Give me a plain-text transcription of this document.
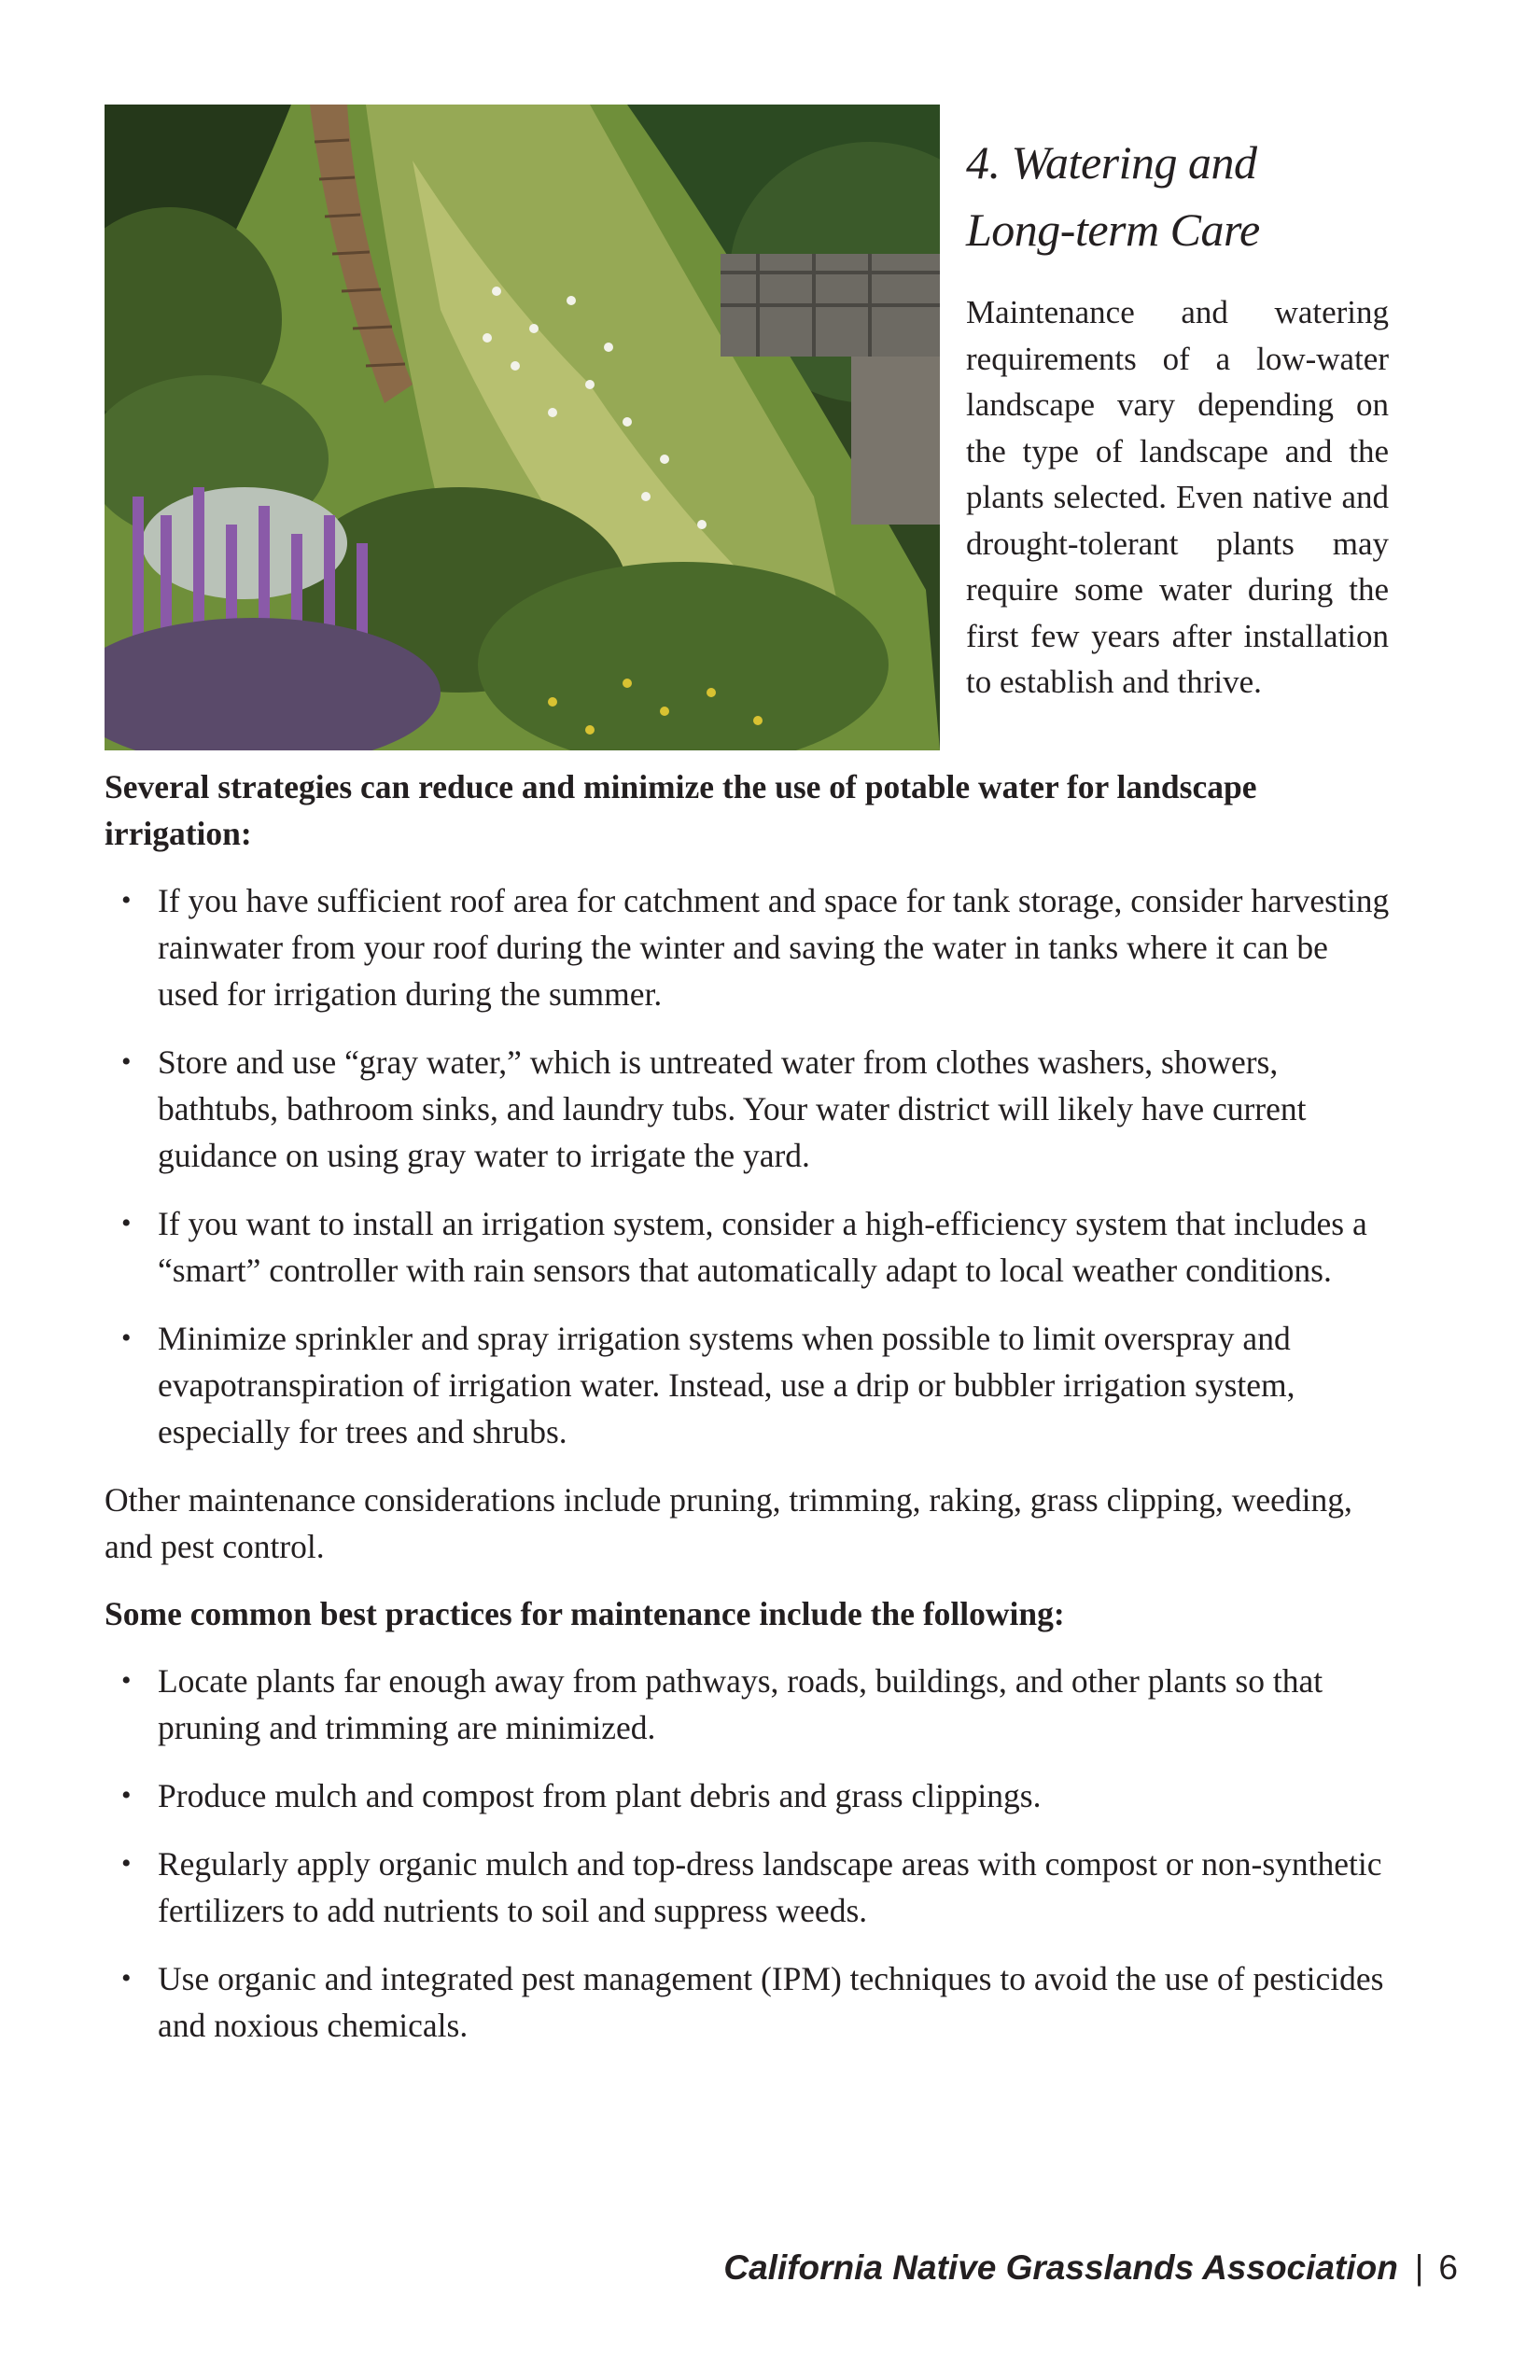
4. Watering and
Long-term Care

Maintenance and watering requirements of a low-water landscape vary depending on the type of landscape and the plants selected. Even native and drought-tolerant plants may require some water during the first few years after installation to establish and thrive.

Several strategies can reduce and minimize the use of potable water for landscape irrigation:

• If you have sufficient roof area for catchment and space for tank storage, consider harvesting rainwater from your roof during the winter and saving the water in tanks where it can be used for irrigation during the summer.
• Store and use “gray water,” which is untreated water from clothes washers, showers, bathtubs, bathroom sinks, and laundry tubs. Your water district will likely have current guidance on using gray water to irrigate the yard.
• If you want to install an irrigation system, consider a high-efficiency system that includes a “smart” controller with rain sensors that automatically adapt to local weather conditions.
• Minimize sprinkler and spray irrigation systems when possible to limit overspray and evapotranspiration of irrigation water. Instead, use a drip or bubbler irrigation system, especially for trees and shrubs.

Other maintenance considerations include pruning, trimming, raking, grass clipping, weeding, and pest control.

Some common best practices for maintenance include the following:

• Locate plants far enough away from pathways, roads, buildings, and other plants so that pruning and trimming are minimized.
• Produce mulch and compost from plant debris and grass clippings.
• Regularly apply organic mulch and top-dress landscape areas with compost or non-synthetic fertilizers to add nutrients to soil and suppress weeds.
• Use organic and integrated pest management (IPM) techniques to avoid the use of pesticides and noxious chemicals.
California Native Grasslands Association | 6
